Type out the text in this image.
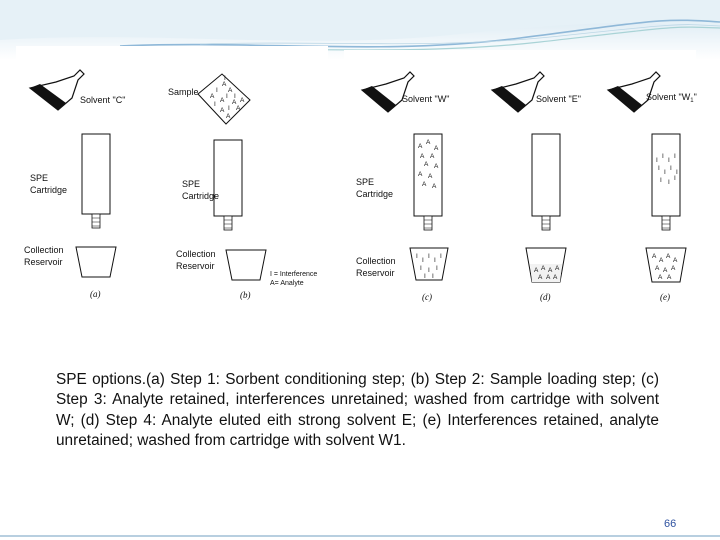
Solvent "C"
SPE
Cartridge
Collection
Reservoir
(a)
Sample A
I
A
A
I
I
A
I
A A
A I A
A
I
SPE
Cartridge
Collection
Reservoir
I = Interference
A= Analyte
(b)
Solvent "W"
A
A
A
A A
A A
A A
A A
SPE
Cartridge
I
I
I
I
I
I I I
I I
Collection
Reservoir
(c)
Solvent "E"
A A A A
A A A
(d)
Solvent "$W_1$"
I
I
I
I
I
I
I
I
I I
I
A
A
A
A
A A A
A A
(e)

SPE options.(a) Step 1: Sorbent conditioning step; (b) Step 2: Sample loading step; (c) Step 3: Analyte retained, interferences unretained; washed from cartridge with solvent W; (d) Step 4: Analyte eluted eith strong solvent E; (e) Interferences retained, analyte unretained; washed from cartridge with solvent W1.

66
